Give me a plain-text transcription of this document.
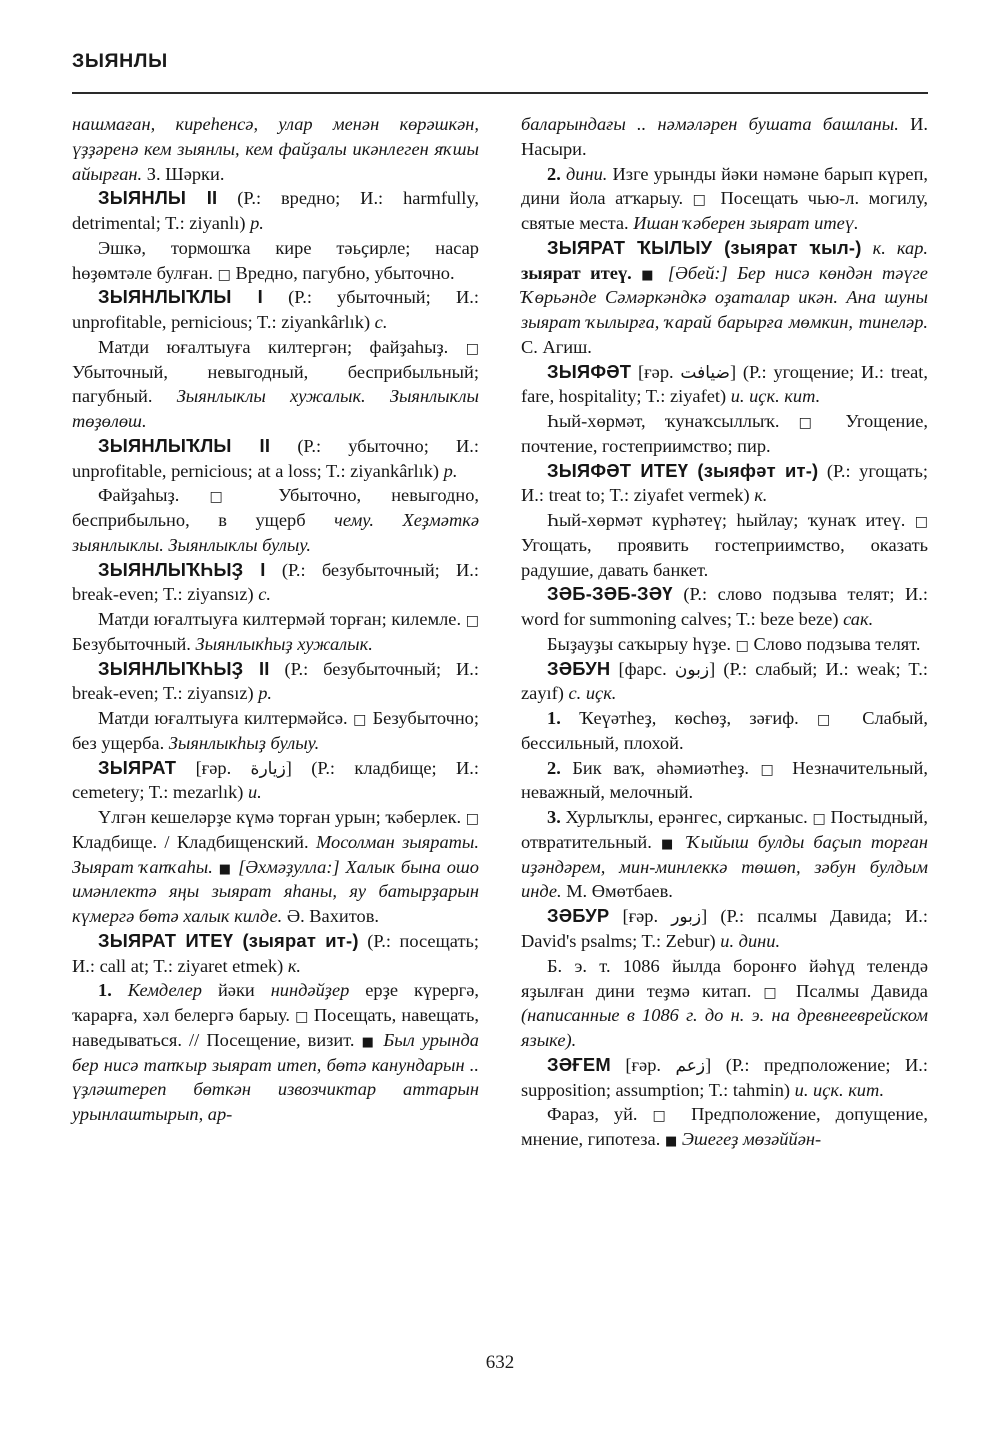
ЗЫЯНЛЫ

нашмаған, киреһенсә, улар менән көрәшкән, үҙҙәренә кем зыянлы, кем файҙалы икәнлеген яҡшы айырған. З. Шәрки.

ЗЫЯНЛЫ II (Р.: вредно; И.: harmfully, detrimental; T.: ziyanlı) p.

Эшкә, тормошҡа кире тәьҫирле; насар һөҙөмтәле булған. □ Вредно, пагубно, убыточно.

ЗЫЯНЛЫҠЛЫ I (Р.: убыточный; И.: unprofitable, pernicious; T.: ziyankârlık) c.

Матди юғалтыуға килтергән; файҙаһыҙ. □ Убыточный, невыгодный, бесприбыльный; пагубный. Зыянлыклы хужалык. Зыянлыклы төҙөлөш.

ЗЫЯНЛЫҠЛЫ II (Р.: убыточно; И.: unprofitable, pernicious; at a loss; T.: ziyankârlık) p.

Файҙаһыҙ. □ Убыточно, невыгодно, бесприбыльно, в ущерб чему. Хеҙмәткә зыянлыклы. Зыянлыклы булыу.

ЗЫЯНЛЫҠҺЫҘ I (Р.: безубыточный; И.: break-even; T.: ziyansız) c.

Матди юғалтыуға килтермәй торған; килемле. □ Безубыточный. Зыянлыкһыҙ хужалык.

ЗЫЯНЛЫҠҺЫҘ II (Р.: безубыточный; И.: break-even; T.: ziyansız) p.

Матди юғалтыуға килтермәйсә. □ Безубыточно; без ущерба. Зыянлыкһыҙ булыу.

ЗЫЯРАТ [ғәр. زيارة] (Р.: кладбище; И.: cemetery; T.: mezarlık) и.

Үлгән кешеләрҙе күмә торған урын; ҡәберлек. □ Кладбище. / Кладбищенский. Мосолман зыяраты. Зыярат ҡапҡаһы. ■ [Әхмәҙулла:] Халык бына ошо имәнлектә яңы зыярат яһаны, яу батырҙарын күмергә бөтә халык килде. Ә. Вахитов.

ЗЫЯРАТ ИТЕҮ (зыярат ит-) (Р.: посещать; И.: call at; T.: ziyaret etmek) к.

1. Кемделер йәки ниндәйҙер ерҙе күрергә, ҡарарға, хәл белергә барыу. □ Посещать, навещать, наведываться. // Посещение, визит. ■ Был урында бер нисә тапҡыр зыярат итеп, бөтә канундарын .. үҙләштереп бөткән извозчиктар аттарын урынлаштырып, ар-

баларындағы .. нәмәләрен бушата башланы. И. Насыри.

2. дини. Изге урынды йәки нәмәне барып күреп, дини йола атҡарыу. □ Посещать чью-л. могилу, святые места. Ишан ҡәберен зыярат итеү.

ЗЫЯРАТ ҠЫЛЫУ (зыярат ҡыл-) к. кар. зыярат итеү. ■ [Әбей:] Бер нисә көндән тәүге Ҡөрьәнде Сәмәркәндкә оҙаталар икән. Ана шуны зыярат ҡылырға, ҡарай барырға мөмкин, тинеләр. С. Агиш.

ЗЫЯФӘТ [ғәр. ضيافت] (Р.: угощение; И.: treat, fare, hospitality; T.: ziyafet) и. иҫк. кит.

Һый-хөрмәт, ҡунаҡсыллыҡ. □ Угощение, почтение, гостеприимство; пир.

ЗЫЯФӘТ ИТЕҮ (зыяфәт ит-) (Р.: угощать; И.: treat to; T.: ziyafet vermek) к.

Һый-хөрмәт күрһәтеү; һыйлау; ҡунаҡ итеү. □ Угощать, проявить гостеприимство, оказать радушие, давать банкет.

ЗӘБ-ЗӘБ-ЗӘҮ (Р.: слово подзыва телят; И.: word for summoning calves; T.: beze beze) сак.

Быҙауҙы саҡырыу һүҙе. □ Слово подзыва телят.

ЗӘБУН [фарс. زبون] (Р.: слабый; И.: weak; T.: zayıf) c. иҫк.

1. Ҡеүәтһеҙ, көсһөҙ, зәғиф. □ Слабый, бессильный, плохой.

2. Бик ваҡ, әһәмиәтһеҙ. □ Незначительный, неважный, мелочный.

3. Хурлыҡлы, ерәнгес, сирҡаныс. □ Постыдный, отвратительный. ■ Ҡыйыш булды баҫып торған иҙәндәрем, мин-минлеккә төшөп, зәбун булдым инде. М. Өмөтбаев.

ЗӘБУР [ғәр. زبور] (Р.: псалмы Давида; И.: David's psalms; T.: Zebur) и. дини.

Б. э. т. 1086 йылда боронғо йәһүд телендә яҙылған дини теҙмә китап. □ Псалмы Давида (написанные в 1086 г. до н. э. на древнееврейском языке).

ЗӘҒЕМ [ғәр. زعم] (Р.: предположение; И.: supposition; assumption; T.: tahmin) и. иҫк. кит.

Фараз, уй. □ Предположение, допущение, мнение, гипотеза. ■ Эшегеҙ мөзәййән-

632
